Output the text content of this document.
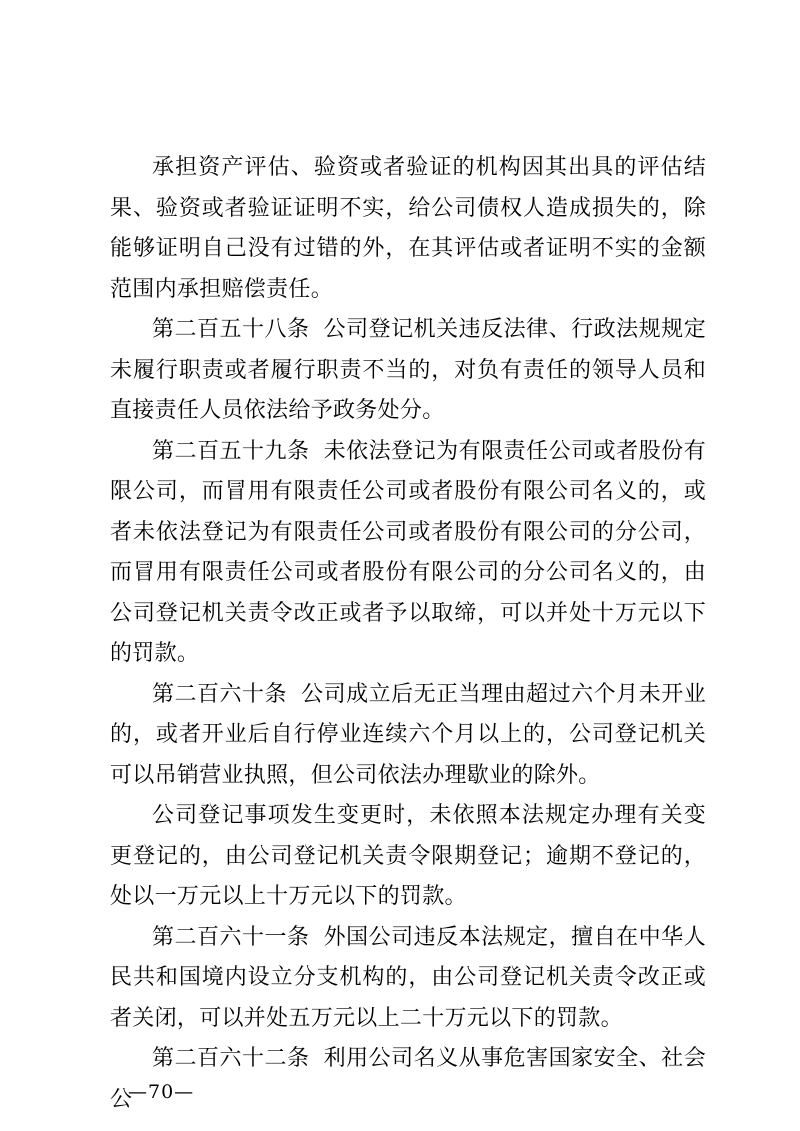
承担资产评估、验资或者验证的机构因其出具的评估结果、验资或者验证证明不实，给公司债权人造成损失的，除能够证明自己没有过错的外，在其评估或者证明不实的金额范围内承担赔偿责任。

第二百五十八条 公司登记机关违反法律、行政法规规定未履行职责或者履行职责不当的，对负有责任的领导人员和直接责任人员依法给予政务处分。

第二百五十九条 未依法登记为有限责任公司或者股份有限公司，而冒用有限责任公司或者股份有限公司名义的，或者未依法登记为有限责任公司或者股份有限公司的分公司，而冒用有限责任公司或者股份有限公司的分公司名义的，由公司登记机关责令改正或者予以取缔，可以并处十万元以下的罚款。

第二百六十条 公司成立后无正当理由超过六个月未开业的，或者开业后自行停业连续六个月以上的，公司登记机关可以吊销营业执照，但公司依法办理歇业的除外。

公司登记事项发生变更时，未依照本法规定办理有关变更登记的，由公司登记机关责令限期登记；逾期不登记的，处以一万元以上十万元以下的罚款。

第二百六十一条 外国公司违反本法规定，擅自在中华人民共和国境内设立分支机构的，由公司登记机关责令改正或者关闭，可以并处五万元以上二十万元以下的罚款。

第二百六十二条 利用公司名义从事危害国家安全、社会公

—70—
